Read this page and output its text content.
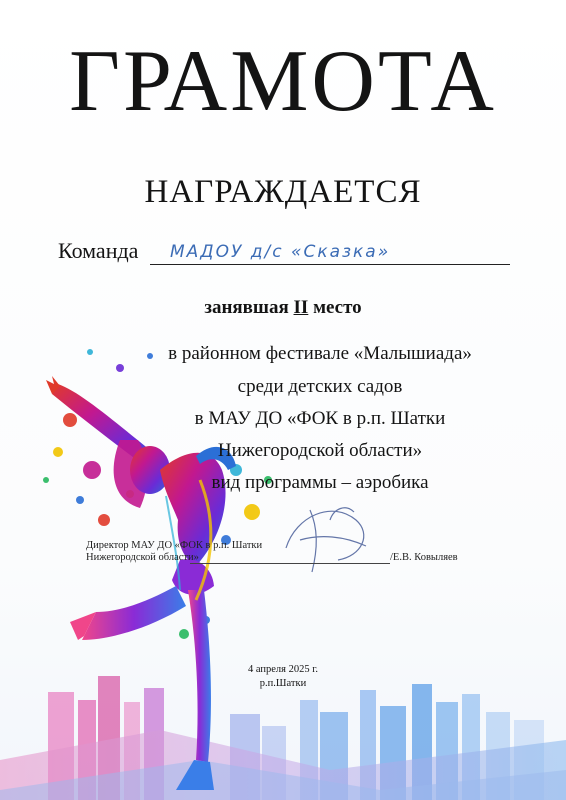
ГРАМОТА
НАГРАЖДАЕТСЯ
Команда МАДОУ д/с «Сказка»
занявшая II место
в районном фестивале «Малышиада»
среди детских садов
в МАУ ДО «ФОК в р.п. Шатки
Нижегородской области»
вид программы – аэробика
Директор МАУ ДО «ФОК в р.п. Шатки
Нижегородской области»	/Е.В. Ковыляев
4 апреля 2025 г.
р.п.Шатки
